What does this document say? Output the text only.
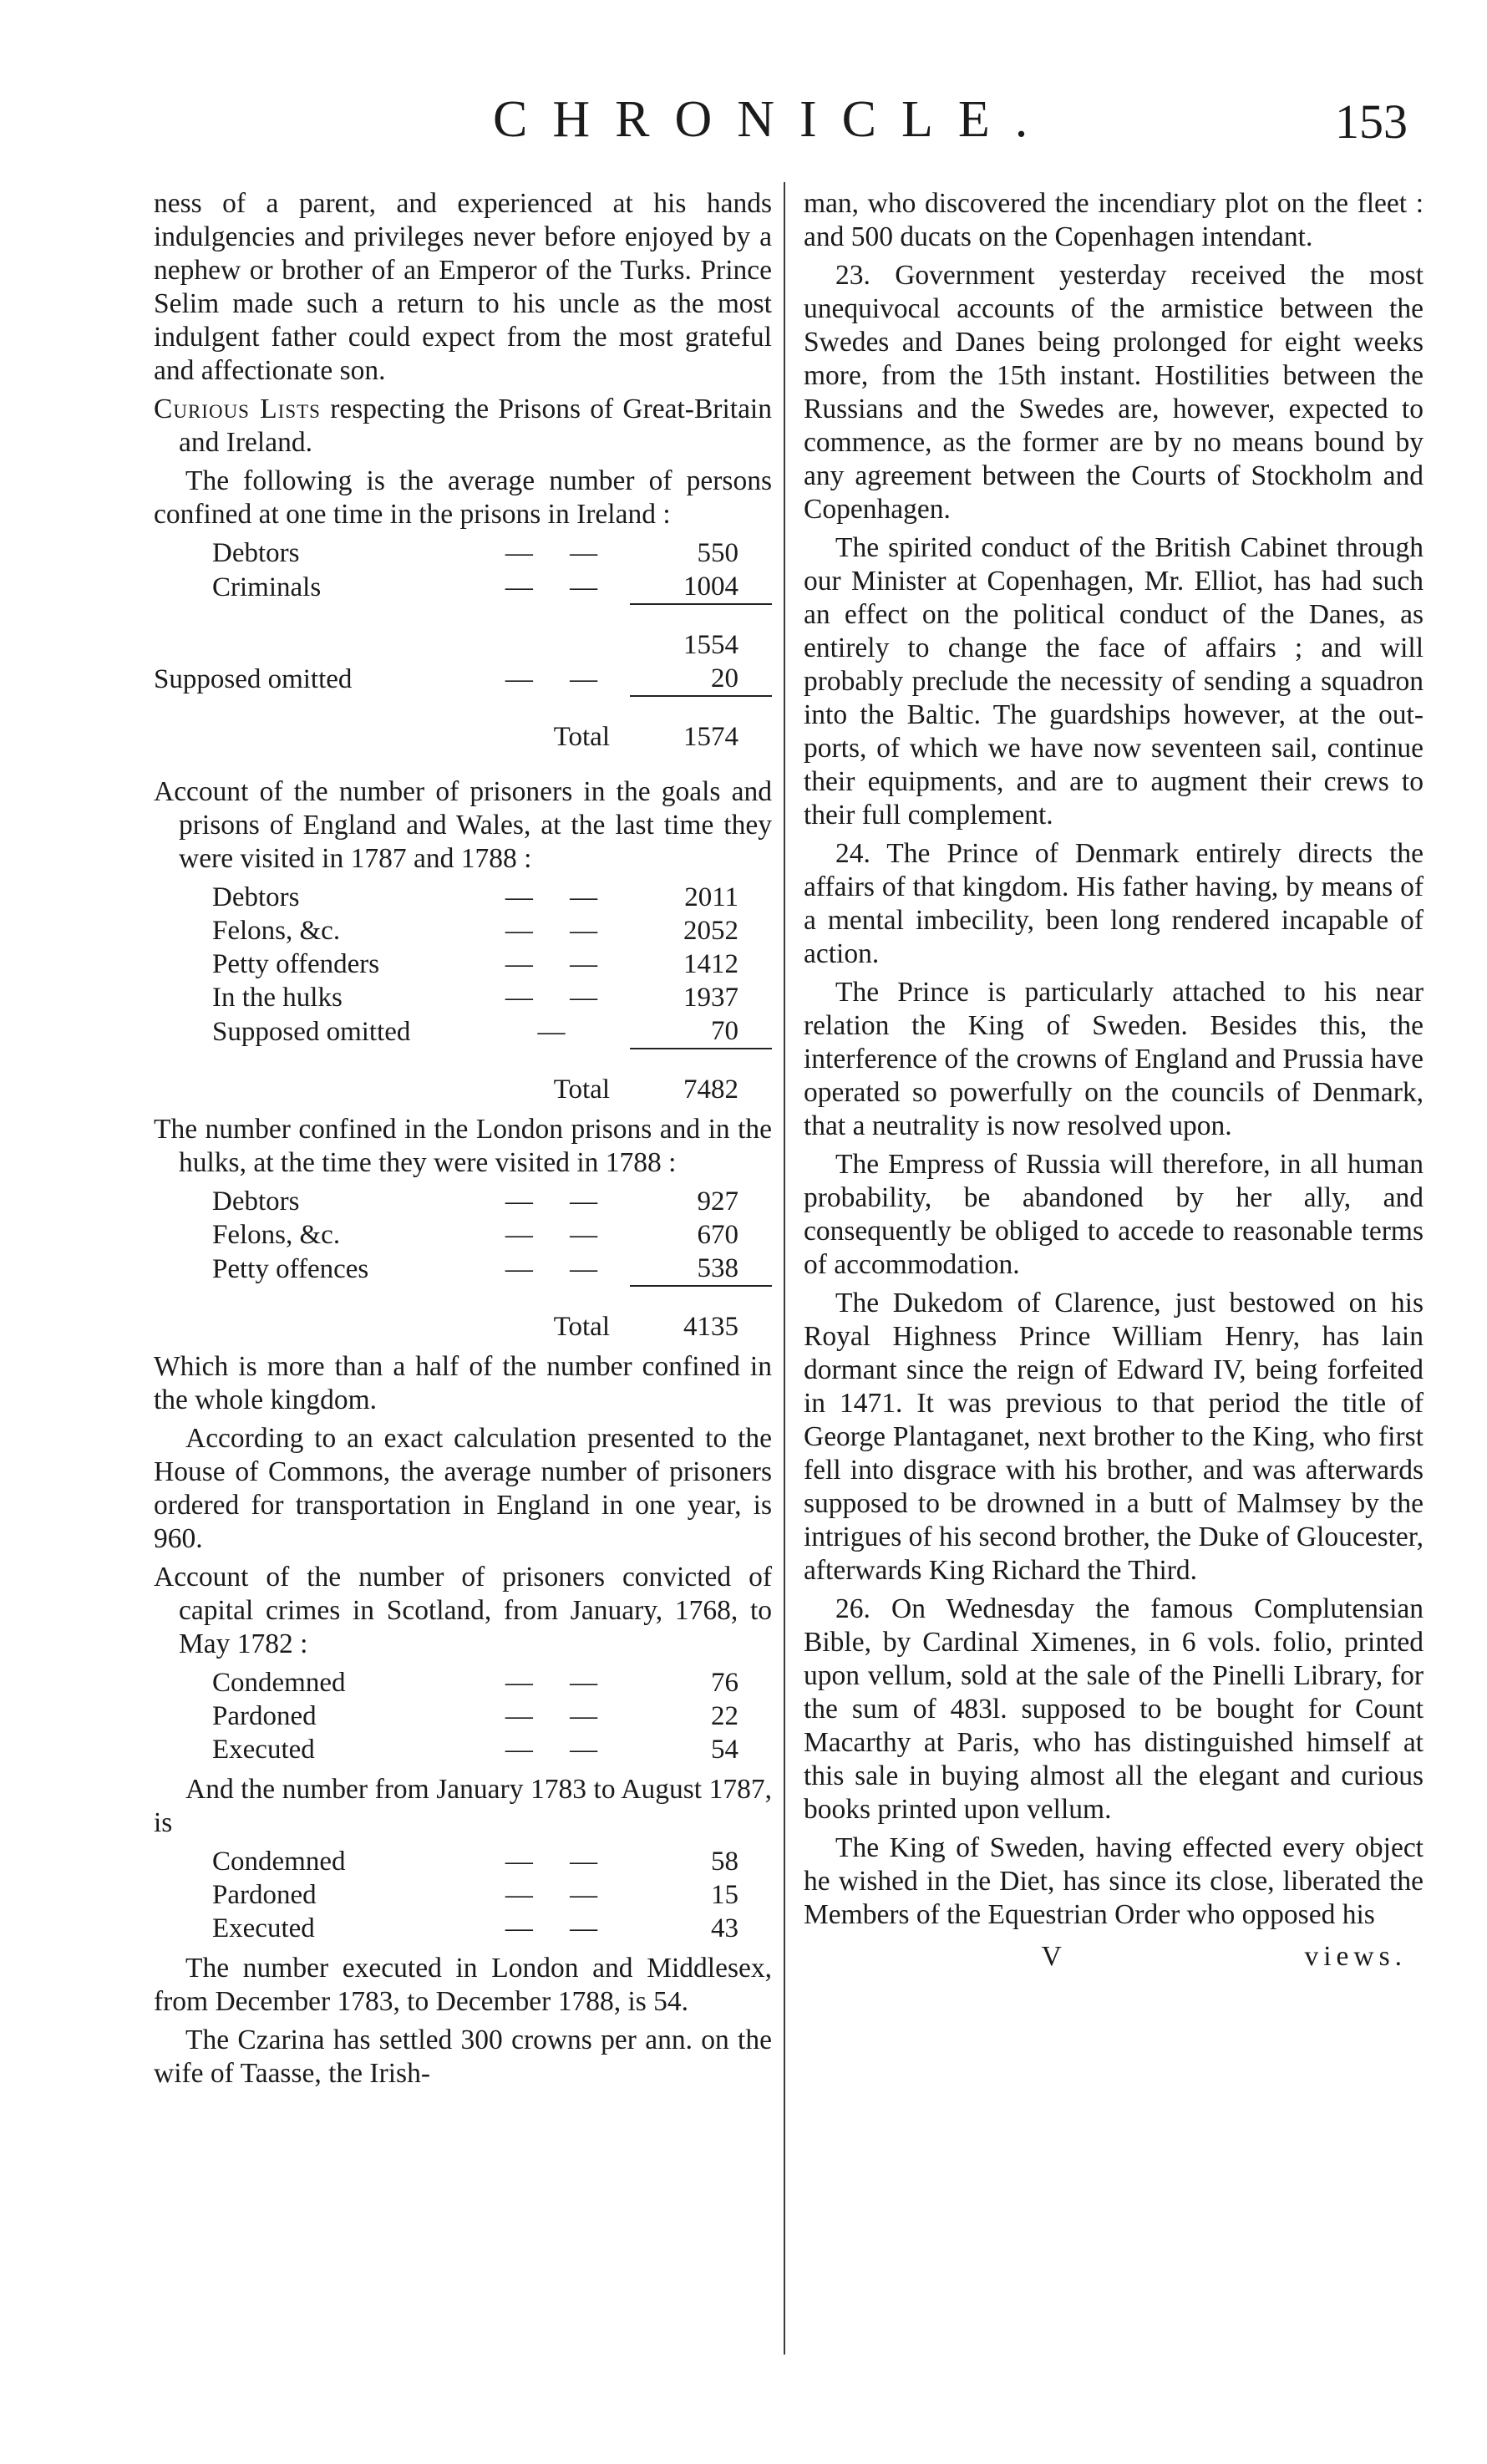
CHRONICLE.	153

ness of a parent, and experienced at his hands indulgencies and privileges never before enjoyed by a nephew or brother of an Emperor of the Turks. Prince Selim made such a return to his uncle as the most indulgent father could expect from the most grateful and affectionate son.

Curious Lists respecting the Prisons of Great-Britain and Ireland.

The following is the average number of persons confined at one time in the prisons in Ireland :

Debtors	— —	550
Criminals	— —	1004

		1554
Supposed omitted	— —	20

	Total	1574

Account of the number of prisoners in the goals and prisons of England and Wales, at the last time they were visited in 1787 and 1788 :

Debtors	— —	2011
Felons, &c.	— —	2052
Petty offenders	— —	1412
In the hulks	— —	1937
Supposed omitted	—	70

	Total	7482

The number confined in the London prisons and in the hulks, at the time they were visited in 1788 :

Debtors	— —	927
Felons, &c.	— —	670
Petty offences	— —	538

	Total	4135

Which is more than a half of the number confined in the whole kingdom.

According to an exact calculation presented to the House of Commons, the average number of prisoners ordered for transportation in England in one year, is 960.

Account of the number of prisoners convicted of capital crimes in Scotland, from January, 1768, to May 1782 :

Condemned	— —	76
Pardoned	— —	22
Executed	— —	54

And the number from January 1783 to August 1787, is

Condemned	— —	58
Pardoned	— —	15
Executed	— —	43

The number executed in London and Middlesex, from December 1783, to December 1788, is 54.

The Czarina has settled 300 crowns per ann. on the wife of Taasse, the Irish-

man, who discovered the incendiary plot on the fleet : and 500 ducats on the Copenhagen intendant.

23. Government yesterday received the most unequivocal accounts of the armistice between the Swedes and Danes being prolonged for eight weeks more, from the 15th instant. Hostilities between the Russians and the Swedes are, however, expected to commence, as the former are by no means bound by any agreement between the Courts of Stockholm and Copenhagen.

The spirited conduct of the British Cabinet through our Minister at Copenhagen, Mr. Elliot, has had such an effect on the political conduct of the Danes, as entirely to change the face of affairs ; and will probably preclude the necessity of sending a squadron into the Baltic. The guardships however, at the out-ports, of which we have now seventeen sail, continue their equipments, and are to augment their crews to their full complement.

24. The Prince of Denmark entirely directs the affairs of that kingdom. His father having, by means of a mental imbecility, been long rendered incapable of action.

The Prince is particularly attached to his near relation the King of Sweden. Besides this, the interference of the crowns of England and Prussia have operated so powerfully on the councils of Denmark, that a neutrality is now resolved upon.

The Empress of Russia will therefore, in all human probability, be abandoned by her ally, and consequently be obliged to accede to reasonable terms of accommodation.

The Dukedom of Clarence, just bestowed on his Royal Highness Prince William Henry, has lain dormant since the reign of Edward IV, being forfeited in 1471. It was previous to that period the title of George Plantaganet, next brother to the King, who first fell into disgrace with his brother, and was afterwards supposed to be drowned in a butt of Malmsey by the intrigues of his second brother, the Duke of Gloucester, afterwards King Richard the Third.

26. On Wednesday the famous Complutensian Bible, by Cardinal Ximenes, in 6 vols. folio, printed upon vellum, sold at the sale of the Pinelli Library, for the sum of 483l. supposed to be bought for Count Macarthy at Paris, who has distinguished himself at this sale in buying almost all the elegant and curious books printed upon vellum.

The King of Sweden, having effected every object he wished in the Diet, has since its close, liberated the Members of the Equestrian Order who opposed his

V	views.
